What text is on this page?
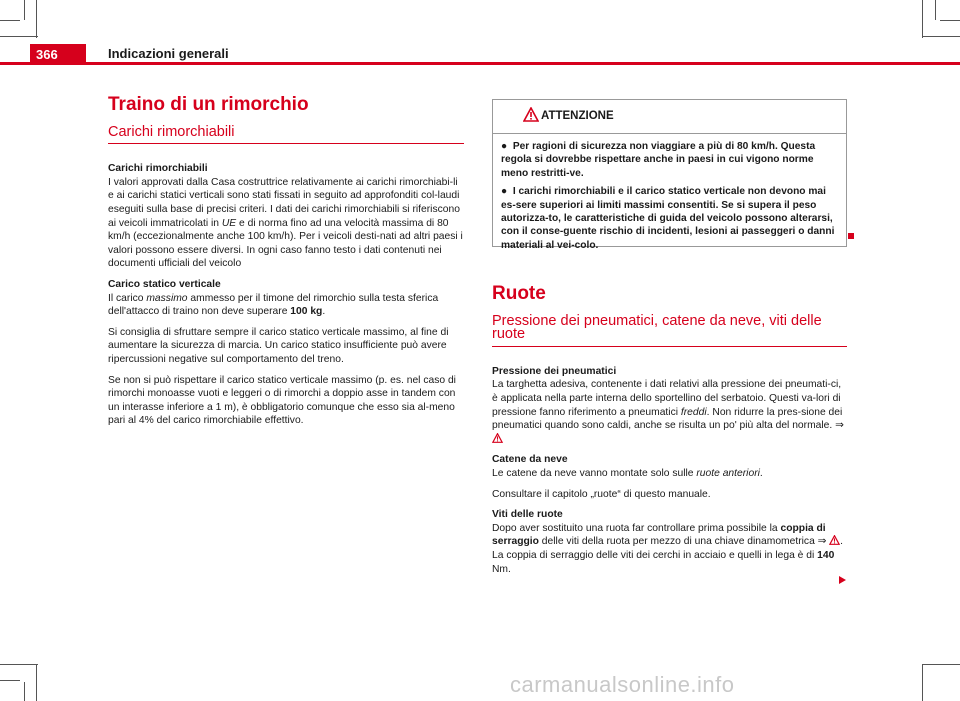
366	Indicazioni generali
Traino di un rimorchio
Carichi rimorchiabili

Carichi rimorchiabili

I valori approvati dalla Casa costruttrice relativamente ai carichi rimorchiabi-li e ai carichi statici verticali sono stati fissati in seguito ad approfonditi col-laudi eseguiti sulla base di precisi criteri. I dati dei carichi rimorchiabili si riferiscono ai veicoli immatricolati in UE e di norma fino ad una velocità massima di 80 km/h (eccezionalmente anche 100 km/h). Per i veicoli desti-nati ad altri paesi i valori possono essere diversi. In ogni caso fanno testo i dati contenuti nei documenti ufficiali del veicolo

Carico statico verticale

Il carico massimo ammesso per il timone del rimorchio sulla testa sferica dell'attacco di traino non deve superare 100 kg.

Si consiglia di sfruttare sempre il carico statico verticale massimo, al fine di aumentare la sicurezza di marcia. Un carico statico insufficiente può avere ripercussioni negative sul comportamento del treno.

Se non si può rispettare il carico statico verticale massimo (p. es. nel caso di rimorchi monoasse vuoti e leggeri o di rimorchi a doppio asse in tandem con un interasse inferiore a 1 m), è obbligatorio comunque che esso sia al-meno pari al 4% del carico rimorchiabile effettivo.

ATTENZIONE

● Per ragioni di sicurezza non viaggiare a più di 80 km/h. Questa regola si dovrebbe rispettare anche in paesi in cui vigono norme meno restritti-ve.

● I carichi rimorchiabili e il carico statico verticale non devono mai es-sere superiori ai limiti massimi consentiti. Se si supera il peso autorizza-to, le caratteristiche di guida del veicolo possono alterarsi, con il conse-guente rischio di incidenti, lesioni ai passeggeri o danni materiali al vei-colo.

Ruote
Pressione dei pneumatici, catene da neve, viti delle ruote

Pressione dei pneumatici

La targhetta adesiva, contenente i dati relativi alla pressione dei pneumati-ci, è applicata nella parte interna dello sportellino del serbatoio. Questi va-lori di pressione fanno riferimento a pneumatici freddi. Non ridurre la pres-sione dei pneumatici quando sono caldi, anche se risulta un po' più alta del normale. ⇒

Catene da neve

Le catene da neve vanno montate solo sulle ruote anteriori.

Consultare il capitolo „ruote“ di questo manuale.

Viti delle ruote

Dopo aver sostituito una ruota far controllare prima possibile la coppia di serraggio delle viti della ruota per mezzo di una chiave dinamometrica ⇒ . La coppia di serraggio delle viti dei cerchi in acciaio e quelli in lega è di 140 Nm.

carmanualsonline.info
